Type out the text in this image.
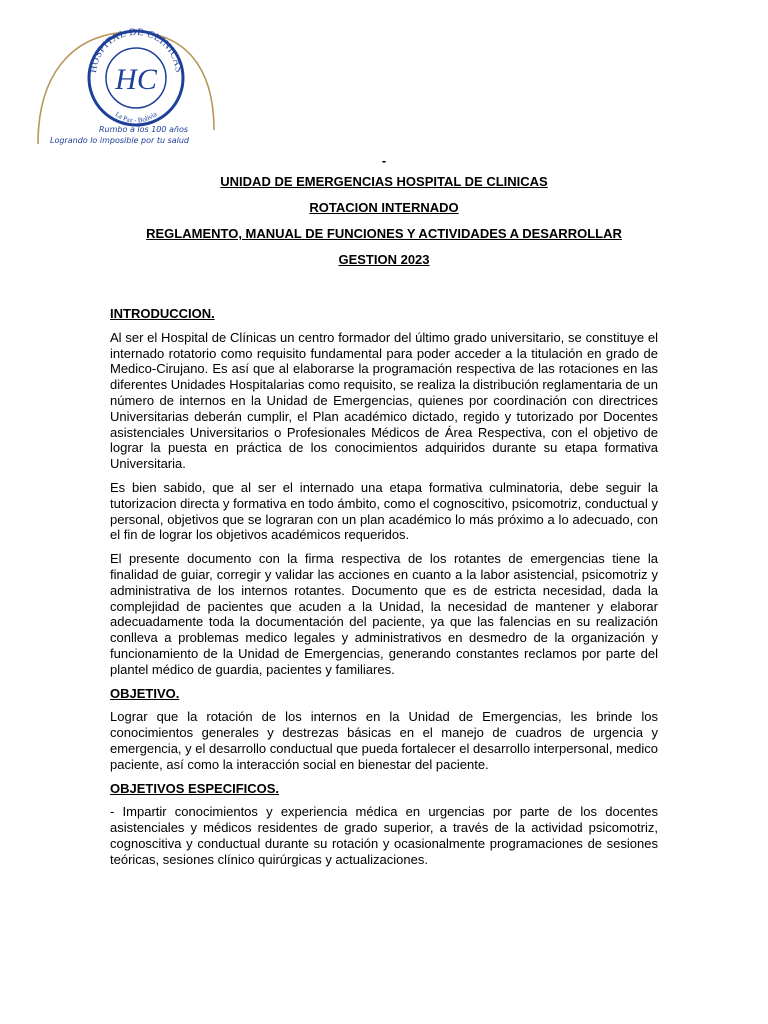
HOSPITAL DE CLINICAS
La Paz - Bolivia
HC
Rumbo a los 100 años
Logrando lo imposible por tu salud
-
UNIDAD DE EMERGENCIAS HOSPITAL DE CLINICAS
ROTACION INTERNADO
REGLAMENTO, MANUAL DE FUNCIONES Y ACTIVIDADES A DESARROLLAR
GESTION 2023
INTRODUCCION.

Al ser el Hospital de Clínicas un centro formador del último grado universitario, se constituye el internado rotatorio como requisito fundamental para poder acceder a la titulación en grado de Medico-Cirujano. Es así que al elaborarse la programación respectiva de las rotaciones en las diferentes Unidades Hospitalarias como requisito, se realiza la distribución reglamentaria de un número de internos en la Unidad de Emergencias, quienes por coordinación con directrices Universitarias deberán cumplir, el Plan académico dictado, regido y tutorizado por Docentes asistenciales Universitarios o Profesionales Médicos de Área Respectiva, con el objetivo de lograr la puesta en práctica de los conocimientos adquiridos durante su etapa formativa Universitaria.

Es bien sabido, que al ser el internado una etapa formativa culminatoria, debe seguir la tutorizacion directa y formativa en todo ámbito, como el cognoscitivo, psicomotriz, conductual y personal, objetivos que se lograran con un plan académico lo más próximo a lo adecuado, con el fin de lograr los objetivos académicos requeridos.

El presente documento con la firma respectiva de los rotantes de emergencias tiene la finalidad de guiar, corregir y validar las acciones en cuanto a la labor asistencial, psicomotriz y administrativa de los internos rotantes. Documento que es de estricta necesidad, dada la complejidad de pacientes que acuden a la Unidad, la necesidad de mantener y elaborar adecuadamente toda la documentación del paciente, ya que las falencias en su realización conlleva a problemas medico legales y administrativos en desmedro de la organización y funcionamiento de la Unidad de Emergencias, generando constantes reclamos por parte del plantel médico de guardia, pacientes y familiares.

OBJETIVO.

Lograr que la rotación de los internos en la Unidad de Emergencias, les brinde los conocimientos generales y destrezas básicas en el manejo de cuadros de urgencia y emergencia, y el desarrollo conductual que pueda fortalecer el desarrollo interpersonal, medico paciente, así como la interacción social en bienestar del paciente.

OBJETIVOS ESPECIFICOS.

- Impartir conocimientos y experiencia médica en urgencias por parte de los docentes asistenciales y médicos residentes de grado superior, a través de la actividad psicomotriz, cognoscitiva y conductual durante su rotación y ocasionalmente programaciones de sesiones teóricas, sesiones clínico quirúrgicas y actualizaciones.
